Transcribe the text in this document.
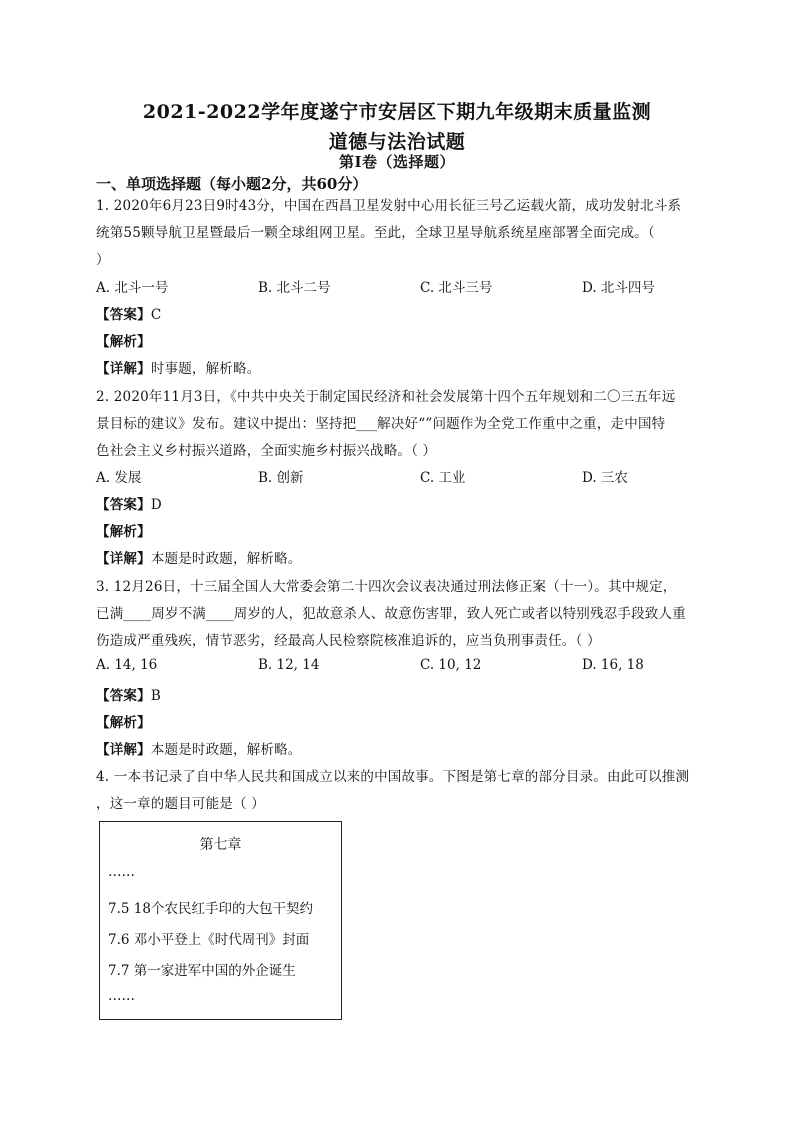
2021-2022学年度遂宁市安居区下期九年级期末质量监测
道德与法治试题
第Ⅰ卷（选择题）
一、单项选择题（每小题2分，共60分）
1. 2020年6月23日9时43分，中国在西昌卫星发射中心用长征三号乙运载火箭，成功发射北斗系
统第55颗导航卫星暨最后一颗全球组网卫星。至此，全球卫星导航系统星座部署全面完成。（
）
A. 北斗一号	B. 北斗二号	C. 北斗三号	D. 北斗四号
【答案】C
【解析】
【详解】时事题，解析略。
2. 2020年11月3日，《中共中央关于制定国民经济和社会发展第十四个五年规划和二〇三五年远
景目标的建议》发布。建议中提出：坚持把___解决好“”问题作为全党工作重中之重，走中国特
色社会主义乡村振兴道路，全面实施乡村振兴战略。（ ）
A. 发展	B. 创新	C. 工业	D. 三农
【答案】D
【解析】
【详解】本题是时政题，解析略。
3. 12月26日，十三届全国人大常委会第二十四次会议表决通过刑法修正案（十一）。其中规定，
已满____周岁不满____周岁的人，犯故意杀人、故意伤害罪，致人死亡或者以特别残忍手段致人重
伤造成严重残疾，情节恶劣，经最高人民检察院核准追诉的，应当负刑事责任。（ ）
A. 14, 16	B. 12, 14	C. 10, 12	D. 16, 18
【答案】B
【解析】
【详解】本题是时政题，解析略。
4. 一本书记录了自中华人民共和国成立以来的中国故事。下图是第七章的部分目录。由此可以推测
，这一章的题目可能是（ ）
第七章
……
7.5 18个农民红手印的大包干契约
7.6 邓小平登上《时代周刊》封面
7.7 第一家进军中国的外企诞生
……
